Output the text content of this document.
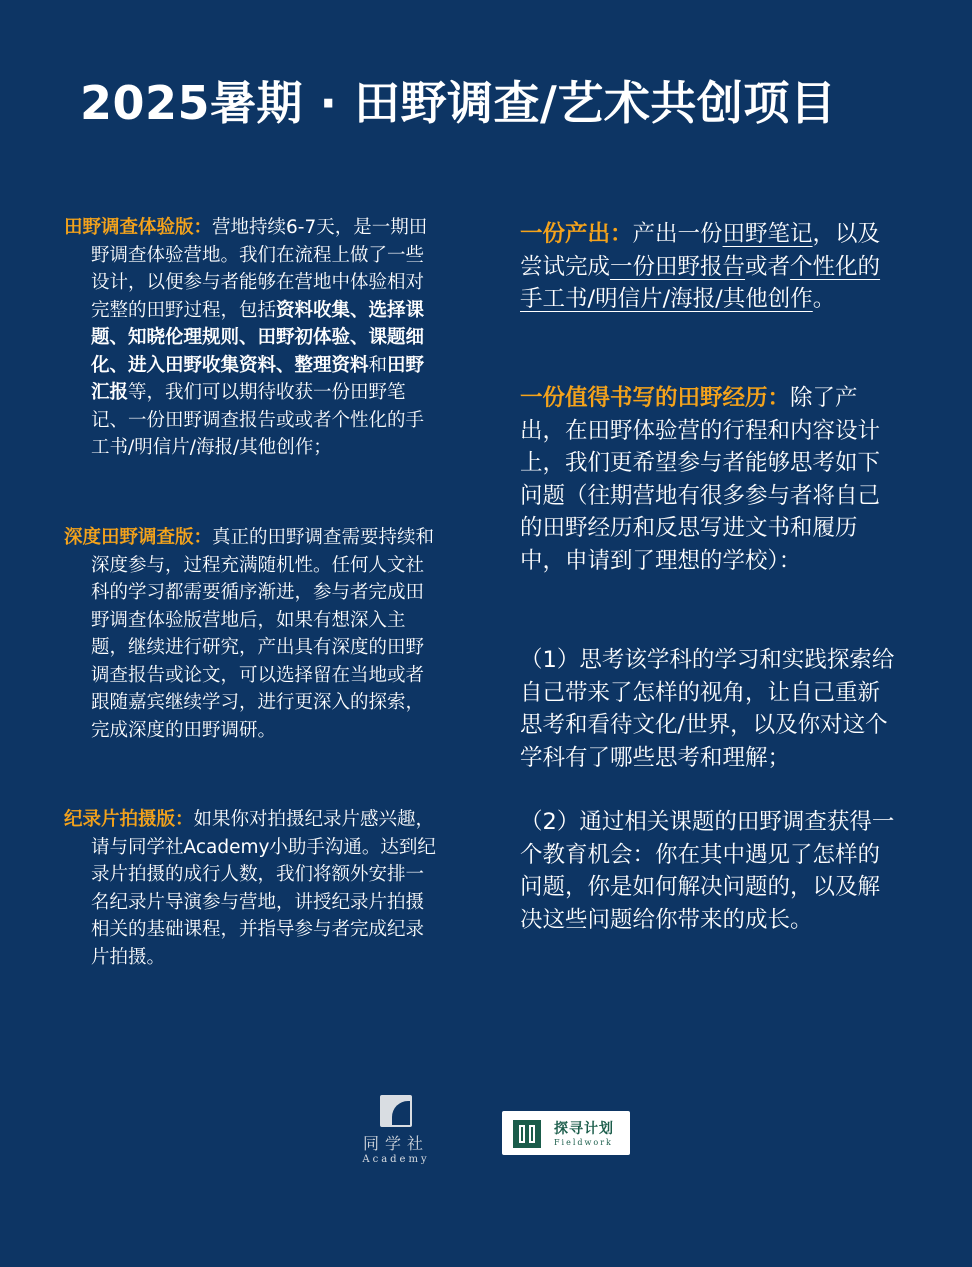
2025暑期 · 田野调查/艺术共创项目

田野调查体验版：营地持续6-7天，是一期田野调查体验营地。我们在流程上做了一些设计，以便参与者能够在营地中体验相对完整的田野过程，包括资料收集、选择课题、知晓伦理规则、田野初体验、课题细化、进入田野收集资料、整理资料和田野汇报等，我们可以期待收获一份田野笔记、一份田野调查报告或或者个性化的手工书/明信片/海报/其他创作；

深度田野调查版：真正的田野调查需要持续和深度参与，过程充满随机性。任何人文社科的学习都需要循序渐进，参与者完成田野调查体验版营地后，如果有想深入主题，继续进行研究，产出具有深度的田野调查报告或论文，可以选择留在当地或者跟随嘉宾继续学习，进行更深入的探索，完成深度的田野调研。

纪录片拍摄版：如果你对拍摄纪录片感兴趣，请与同学社Academy小助手沟通。达到纪录片拍摄的成行人数，我们将额外安排一名纪录片导演参与营地，讲授纪录片拍摄相关的基础课程，并指导参与者完成纪录片拍摄。

一份产出：产出一份田野笔记，以及尝试完成一份田野报告或者个性化的手工书/明信片/海报/其他创作。

一份值得书写的田野经历：除了产出，在田野体验营的行程和内容设计上，我们更希望参与者能够思考如下问题（往期营地有很多参与者将自己的田野经历和反思写进文书和履历中，申请到了理想的学校）：

（1）思考该学科的学习和实践探索给自己带来了怎样的视角，让自己重新思考和看待文化/世界，以及你对这个学科有了哪些思考和理解；

（2）通过相关课题的田野调查获得一个教育机会：你在其中遇见了怎样的问题，你是如何解决问题的，以及解决这些问题给你带来的成长。

同学社
Academy
探寻计划
Fieldwork
